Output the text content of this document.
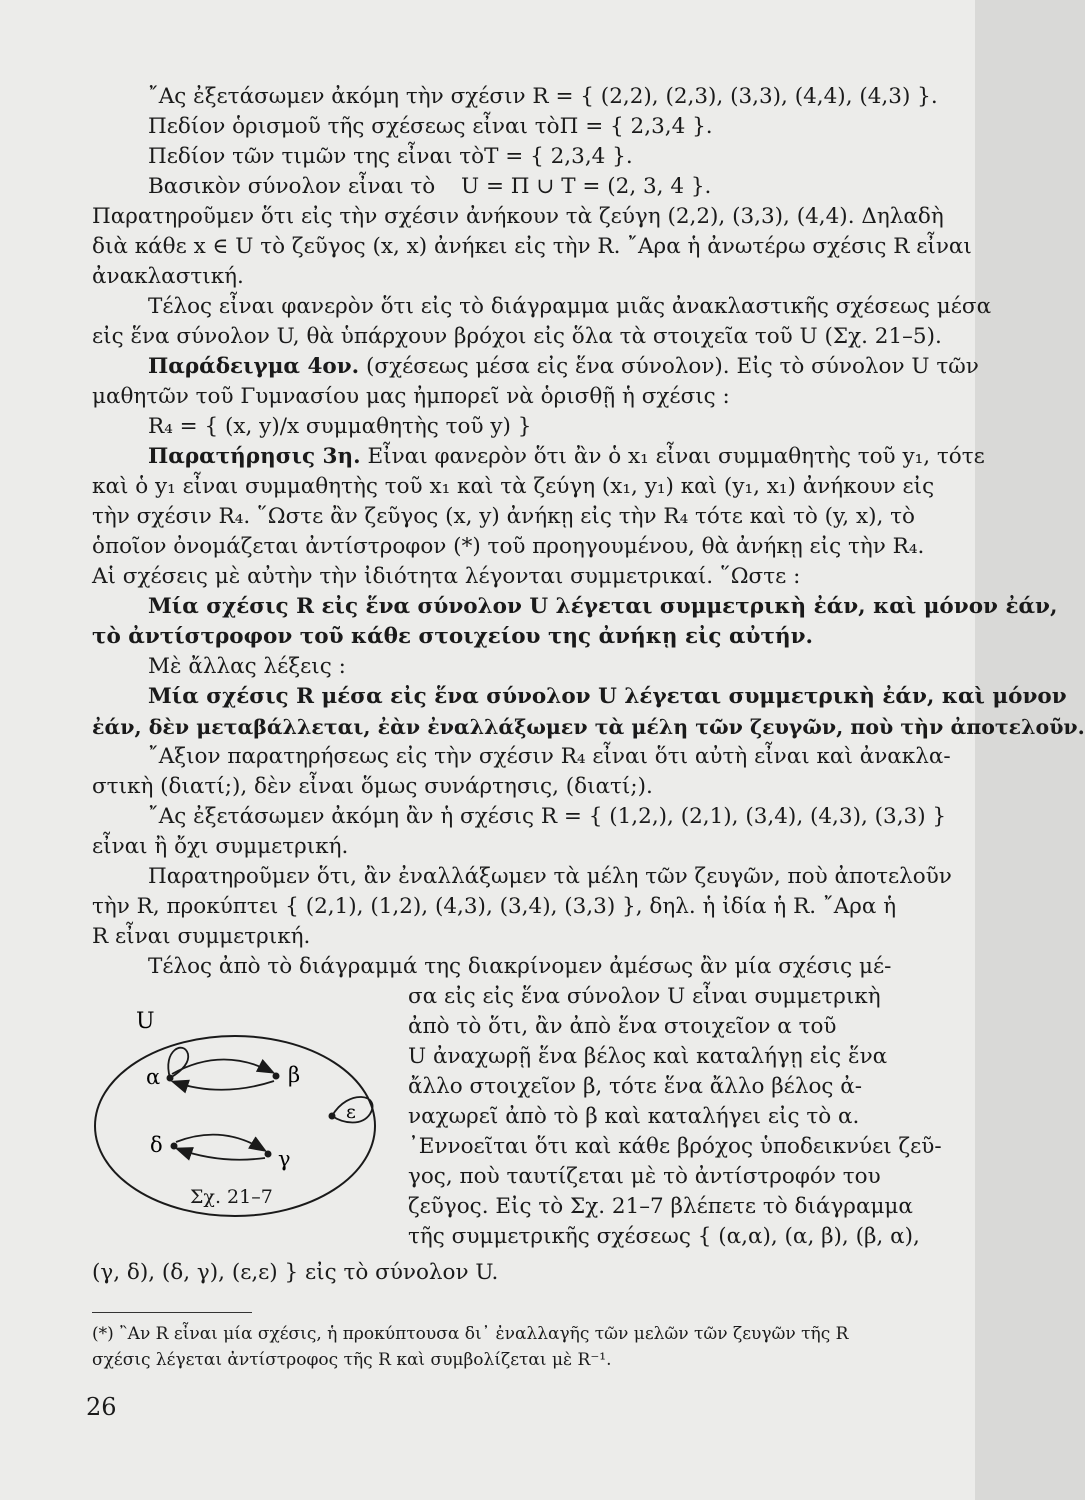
῎Ας ἐξετάσωμεν ἀκόμη τὴν σχέσιν R = { (2,2), (2,3), (3,3), (4,4), (4,3) }.
Πεδίον ὁρισμοῦ τῆς σχέσεως εἶναι τὸ Π = { 2,3,4 }.
Πεδίον τῶν τιμῶν της εἶναι τὸ T = { 2,3,4 }.
Βασικὸν σύνολον εἶναι τὸ U = Π ∪ T = (2, 3, 4 }.
Παρατηροῦμεν ὅτι εἰς τὴν σχέσιν ἀνήκουν τὰ ζεύγη (2,2), (3,3), (4,4). Δηλαδὴ
διὰ κάθε x ∈ U τὸ ζεῦγος (x, x) ἀνήκει εἰς τὴν R. ῎Αρα ἡ ἀνωτέρω σχέσις R εἶναι
ἀνακλαστική.
Τέλος εἶναι φανερὸν ὅτι εἰς τὸ διάγραμμα μιᾶς ἀνακλαστικῆς σχέσεως μέσα
εἰς ἕνα σύνολον U, θὰ ὑπάρχουν βρόχοι εἰς ὅλα τὰ στοιχεῖα τοῦ U (Σχ. 21–5).
Παράδειγμα 4ον. (σχέσεως μέσα εἰς ἕνα σύνολον). Εἰς τὸ σύνολον U τῶν
μαθητῶν τοῦ Γυμνασίου μας ἠμπορεῖ νὰ ὁρισθῇ ἡ σχέσις :
R₄ = { (x, y)/x συμμαθητὴς τοῦ y) }
Παρατήρησις 3η. Εἶναι φανερὸν ὅτι ἂν ὁ x₁ εἶναι συμμαθητὴς τοῦ y₁, τότε
καὶ ὁ y₁ εἶναι συμμαθητὴς τοῦ x₁ καὶ τὰ ζεύγη (x₁, y₁) καὶ (y₁, x₁) ἀνήκουν εἰς
τὴν σχέσιν R₄. ῞Ωστε ἂν ζεῦγος (x, y) ἀνήκῃ εἰς τὴν R₄ τότε καὶ τὸ (y, x), τὸ
ὁποῖον ὀνομάζεται ἀντίστροφον (*) τοῦ προηγουμένου, θὰ ἀνήκῃ εἰς τὴν R₄.
Αἱ σχέσεις μὲ αὐτὴν τὴν ἰδιότητα λέγονται συμμετρικαί. ῞Ωστε :
Μία σχέσις R εἰς ἕνα σύνολον U λέγεται συμμετρικὴ ἐάν, καὶ μόνον ἐάν,
τὸ ἀντίστροφον τοῦ κάθε στοιχείου της ἀνήκῃ εἰς αὐτήν.
Μὲ ἄλλας λέξεις :
Μία σχέσις R μέσα εἰς ἕνα σύνολον U λέγεται συμμετρικὴ ἐάν, καὶ μόνον
ἐάν, δὲν μεταβάλλεται, ἐὰν ἐναλλάξωμεν τὰ μέλη τῶν ζευγῶν, ποὺ τὴν ἀποτελοῦν.
῎Αξιον παρατηρήσεως εἰς τὴν σχέσιν R₄ εἶναι ὅτι αὐτὴ εἶναι καὶ ἀνακλα-
στικὴ (διατί;), δὲν εἶναι ὅμως συνάρτησις, (διατί;).
῎Ας ἐξετάσωμεν ἀκόμη ἂν ἡ σχέσις R = { (1,2,), (2,1), (3,4), (4,3), (3,3) }
εἶναι ἢ ὄχι συμμετρική.
Παρατηροῦμεν ὅτι, ἂν ἐναλλάξωμεν τὰ μέλη τῶν ζευγῶν, ποὺ ἀποτελοῦν
τὴν R, προκύπτει { (2,1), (1,2), (4,3), (3,4), (3,3) }, δηλ. ἡ ἰδία ἡ R. ῎Αρα ἡ
R εἶναι συμμετρική.
Τέλος ἀπὸ τὸ διάγραμμά της διακρίνομεν ἀμέσως ἂν μία σχέσις μέ-
U
α	β
δ
γ
ε
Σχ. 21–7
σα εἰς εἰς ἕνα σύνολον U εἶναι συμμετρικὴ
ἀπὸ τὸ ὅτι, ἂν ἀπὸ ἕνα στοιχεῖον α τοῦ
U ἀναχωρῇ ἕνα βέλος καὶ καταλήγῃ εἰς ἕνα
ἄλλο στοιχεῖον β, τότε ἕνα ἄλλο βέλος ἀ-
ναχωρεῖ ἀπὸ τὸ β καὶ καταλήγει εἰς τὸ α.
᾿Εννοεῖται ὅτι καὶ κάθε βρόχος ὑποδεικνύει ζεῦ-
γος, ποὺ ταυτίζεται μὲ τὸ ἀντίστροφόν του
ζεῦγος. Εἰς τὸ Σχ. 21–7 βλέπετε τὸ διάγραμμα
τῆς συμμετρικῆς σχέσεως { (α,α), (α, β), (β, α),
(γ, δ), (δ, γ), (ε,ε) } εἰς τὸ σύνολον U.
(*) ῍Αν R εἶναι μία σχέσις, ἡ προκύπτουσα δι᾿ ἐναλλαγῆς τῶν μελῶν τῶν ζευγῶν τῆς R
σχέσις λέγεται ἀντίστροφος τῆς R καὶ συμβολίζεται μὲ R⁻¹.
26
